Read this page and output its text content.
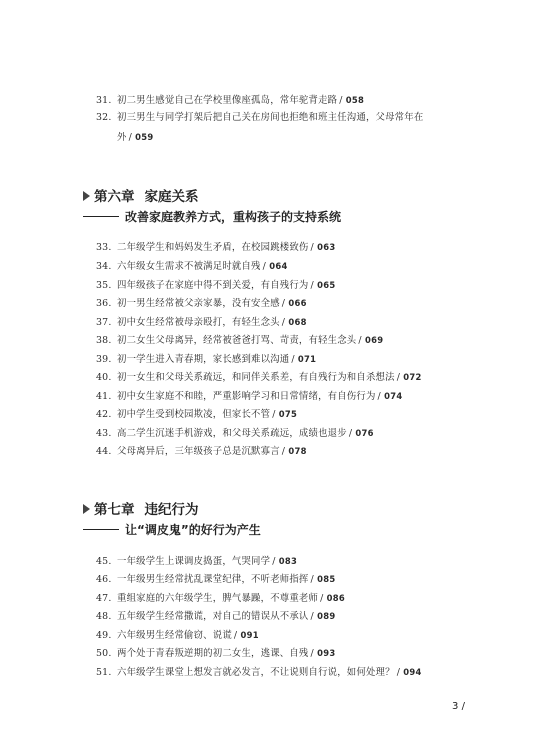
31. 初二男生感觉自己在学校里像座孤岛，常年驼背走路 / 058
32. 初三男生与同学打架后把自己关在房间也拒绝和班主任沟通，父母常年在
外 / 059
第六章 家庭关系
改善家庭教养方式，重构孩子的支持系统
33. 二年级学生和妈妈发生矛盾，在校园跳楼致伤 / 063
34. 六年级女生需求不被满足时就自残 / 064
35. 四年级孩子在家庭中得不到关爱，有自残行为 / 065
36. 初一男生经常被父亲家暴，没有安全感 / 066
37. 初中女生经常被母亲殴打，有轻生念头 / 068
38. 初二女生父母离异，经常被爸爸打骂、苛责，有轻生念头 / 069
39. 初一学生进入青春期，家长感到难以沟通 / 071
40. 初一女生和父母关系疏远，和同伴关系差，有自残行为和自杀想法 / 072
41. 初中女生家庭不和睦，严重影响学习和日常情绪，有自伤行为 / 074
42. 初中学生受到校园欺凌，但家长不管 / 075
43. 高二学生沉迷手机游戏，和父母关系疏远，成绩也退步 / 076
44. 父母离异后，三年级孩子总是沉默寡言 / 078
第七章 违纪行为
让“调皮鬼”的好行为产生
45. 一年级学生上课调皮捣蛋，气哭同学 / 083
46. 一年级男生经常扰乱课堂纪律，不听老师指挥 / 085
47. 重组家庭的六年级学生，脾气暴躁，不尊重老师 / 086
48. 五年级学生经常撒谎，对自己的错误从不承认 / 089
49. 六年级男生经常偷窃、说谎 / 091
50. 两个处于青春叛逆期的初二女生，逃课、自残 / 093
51. 六年级学生课堂上想发言就必发言，不让说则自行说，如何处理？ / 094
3 /
